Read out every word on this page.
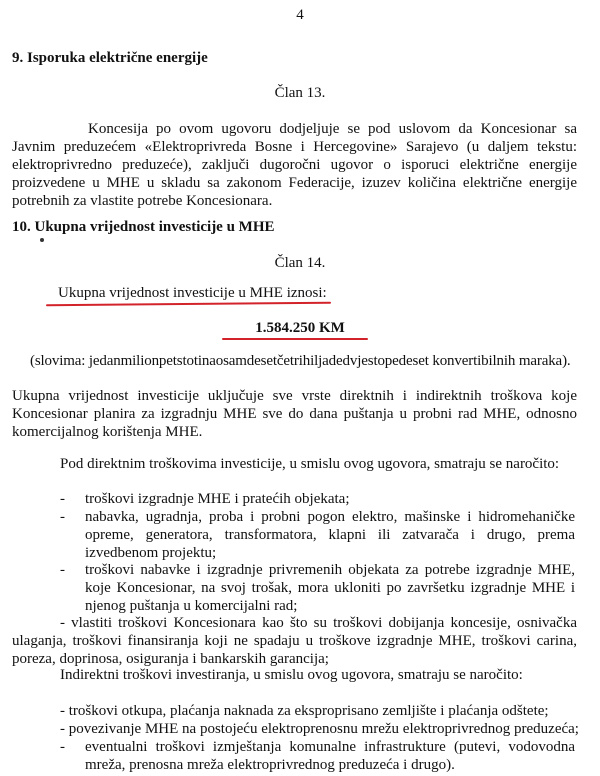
4
9. Isporuka električne energije
Član 13.
Koncesija po ovom ugovoru dodjeljuje se pod uslovom da Koncesionar sa Javnim preduzećem «Elektroprivreda Bosne i Hercegovine» Sarajevo (u daljem tekstu: elektroprivredno preduzeće), zaključi dugoročni ugovor o isporuci električne energije proizvedene u MHE u skladu sa zakonom Federacije, izuzev količina električne energije potrebnih za vlastite potrebe Koncesionara.
10. Ukupna vrijednost investicije u MHE
Član 14.
Ukupna vrijednost investicije u MHE iznosi:
1.584.250 KM
(slovima: jedanmilionpetstotinaosamdesetčetrihiljadedvjestopedeset konvertibilnih maraka).
Ukupna vrijednost investicije uključuje sve vrste direktnih i indirektnih troškova koje Koncesionar planira za izgradnju MHE sve do dana puštanja u probni rad MHE, odnosno komercijalnog korištenja MHE.
Pod direktnim troškovima investicije, u smislu ovog ugovora, smatraju se naročito:
- troškovi izgradnje MHE i pratećih objekata;
- nabavka, ugradnja, proba i probni pogon elektro, mašinske i hidromehaničke opreme, generatora, transformatora, klapni ili zatvarača i drugo, prema izvedbenom projektu;
- troškovi nabavke i izgradnje privremenih objekata za potrebe izgradnje MHE, koje Koncesionar, na svoj trošak, mora ukloniti po završetku izgradnje MHE i njenog puštanja u komercijalni rad;
- vlastiti troškovi Koncesionara kao što su troškovi dobijanja koncesije, osnivačka ulaganja, troškovi finansiranja koji ne spadaju u troškove izgradnje MHE, troškovi carina, poreza, doprinosa, osiguranja i bankarskih garancija;
Indirektni troškovi investiranja, u smislu ovog ugovora, smatraju se naročito:
- troškovi otkupa, plaćanja naknada za eksproprisano zemljište i plaćanja odštete;
- povezivanje MHE na postojeću elektroprenosnu mrežu elektroprivrednog preduzeća;
- eventualni troškovi izmještanja komunalne infrastrukture (putevi, vodovodna mreža, prenosna mreža elektroprivrednog preduzeća i drugo).
